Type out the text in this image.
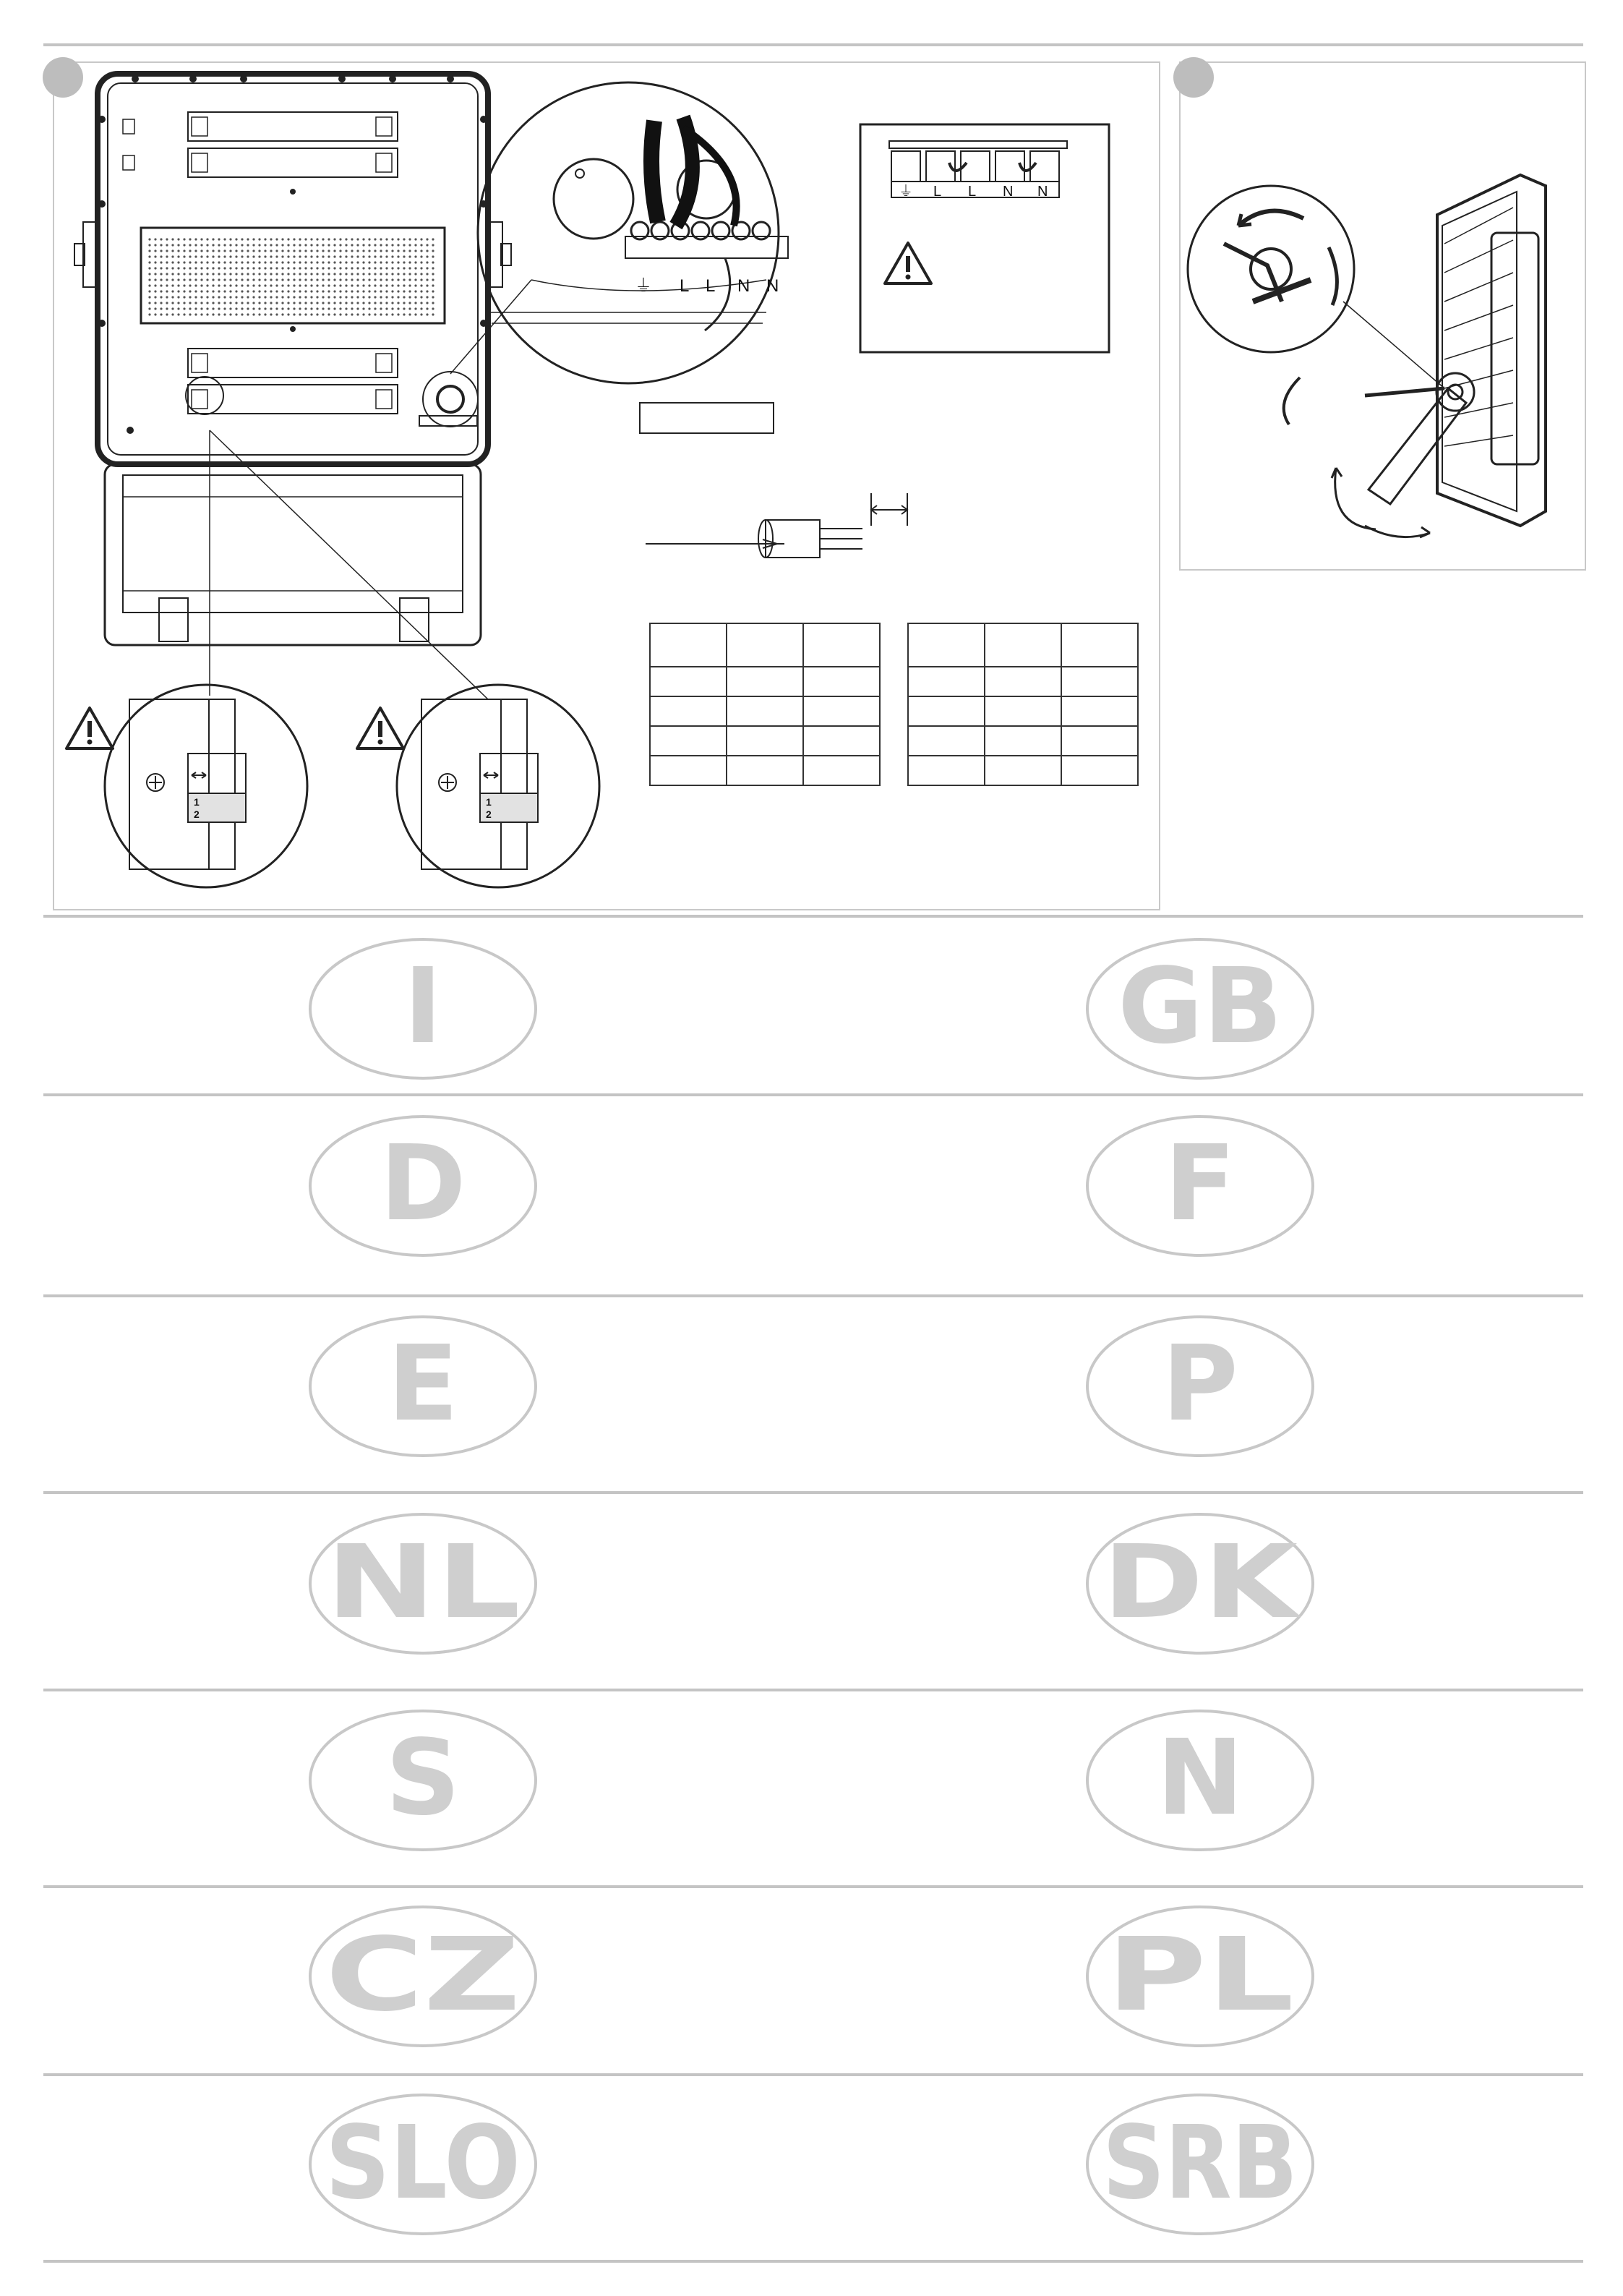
⏚ L L N N
⏚ L L N N
1
2
1
2

I	GB
D	F
E	P
NL	DK
S	N
CZ	PL
SLO	SRB
